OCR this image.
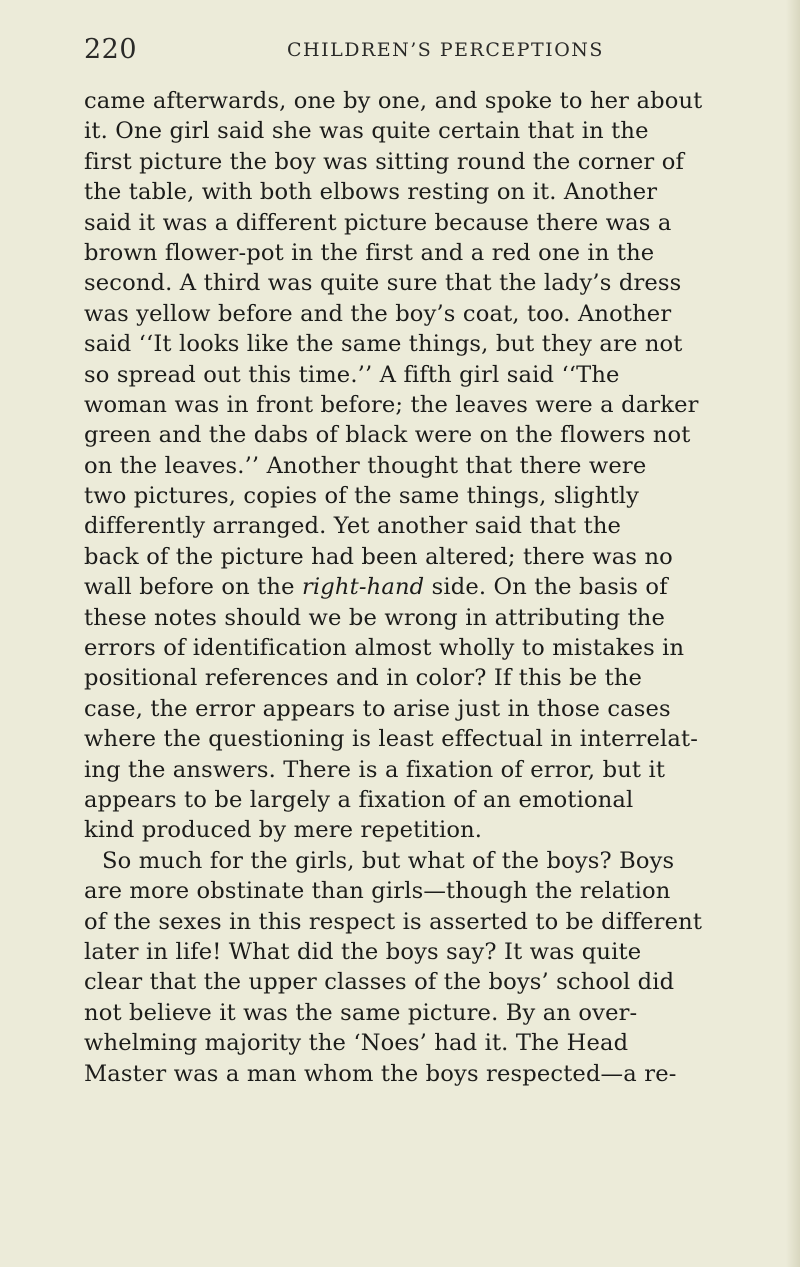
220	CHILDREN’S PERCEPTIONS
came afterwards, one by one, and spoke to her about
it. One girl said she was quite certain that in the
first picture the boy was sitting round the corner of
the table, with both elbows resting on it. Another
said it was a different picture because there was a
brown flower-pot in the first and a red one in the
second. A third was quite sure that the lady’s dress
was yellow before and the boy’s coat, too. Another
said ‘‘It looks like the same things, but they are not
so spread out this time.’’ A fifth girl said ‘‘The
woman was in front before; the leaves were a darker
green and the dabs of black were on the flowers not
on the leaves.’’ Another thought that there were
two pictures, copies of the same things, slightly
differently arranged. Yet another said that the
back of the picture had been altered; there was no
wall before on the right-hand side. On the basis of
these notes should we be wrong in attributing the
errors of identification almost wholly to mistakes in
positional references and in color? If this be the
case, the error appears to arise just in those cases
where the questioning is least effectual in interrelat-
ing the answers. There is a fixation of error, but it
appears to be largely a fixation of an emotional
kind produced by mere repetition.
So much for the girls, but what of the boys? Boys
are more obstinate than girls—though the relation
of the sexes in this respect is asserted to be different
later in life! What did the boys say? It was quite
clear that the upper classes of the boys’ school did
not believe it was the same picture. By an over-
whelming majority the ‘Noes’ had it. The Head
Master was a man whom the boys respected—a re-
